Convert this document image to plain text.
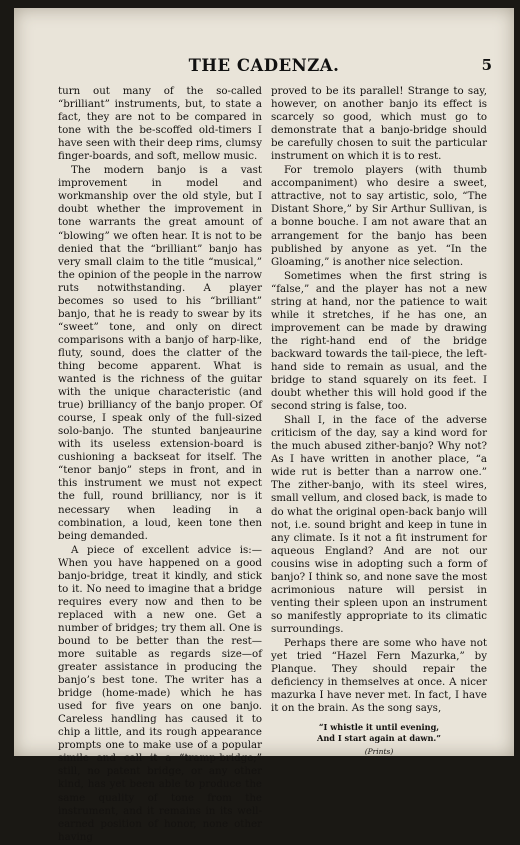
THE CADENZA.	5

turn out many of the so-called “brilliant” instruments, but, to state a fact, they are not to be compared in tone with the be-scoffed old-timers I have seen with their deep rims, clumsy finger-boards, and soft, mellow music.

The modern banjo is a vast improvement in model and workmanship over the old style, but I doubt whether the improvement in tone warrants the great amount of “blowing” we often hear. It is not to be denied that the “brilliant” banjo has very small claim to the title “musical,” the opinion of the people in the narrow ruts notwithstanding. A player becomes so used to his “brilliant” banjo, that he is ready to swear by its “sweet” tone, and only on direct comparisons with a banjo of harp-like, fluty, sound, does the clatter of the thing become apparent. What is wanted is the richness of the guitar with the unique characteristic (and true) brilliancy of the banjo proper. Of course, I speak only of the full-sized solo-banjo. The stunted banjeaurine with its useless extension-board is cushioning a backseat for itself. The “tenor banjo” steps in front, and in this instrument we must not expect the full, round brilliancy, nor is it necessary when leading in a combination, a loud, keen tone then being demanded.

A piece of excellent advice is:—When you have happened on a good banjo-bridge, treat it kindly, and stick to it. No need to imagine that a bridge requires every now and then to be replaced with a new one. Get a number of bridges; try them all. One is bound to be better than the rest—more suitable as regards size—of greater assistance in producing the banjo’s best tone. The writer has a bridge (home-made) which he has used for five years on one banjo. Careless handling has caused it to chip a little, and its rough appearance prompts one to make use of a popular simile and call it a “tramp-bridge;” still, no patent bridge, or any other kind, has yet been able to produce the same quality of tone from the instrument, and it remains in its well-earned position of honor, none other having

proved to be its parallel! Strange to say, however, on another banjo its effect is scarcely so good, which must go to demonstrate that a banjo-bridge should be carefully chosen to suit the particular instrument on which it is to rest.

For tremolo players (with thumb accompaniment) who desire a sweet, attractive, not to say artistic, solo, “The Distant Shore,” by Sir Arthur Sullivan, is a bonne bouche. I am not aware that an arrangement for the banjo has been published by anyone as yet. “In the Gloaming,” is another nice selection.

Sometimes when the first string is “false,” and the player has not a new string at hand, nor the patience to wait while it stretches, if he has one, an improvement can be made by drawing the right-hand end of the bridge backward towards the tail-piece, the left-hand side to remain as usual, and the bridge to stand squarely on its feet. I doubt whether this will hold good if the second string is false, too.

Shall I, in the face of the adverse criticism of the day, say a kind word for the much abused zither-banjo? Why not? As I have written in another place, “a wide rut is better than a narrow one.” The zither-banjo, with its steel wires, small vellum, and closed back, is made to do what the original open-back banjo will not, i.e. sound bright and keep in tune in any climate. Is it not a fit instrument for aqueous England? And are not our cousins wise in adopting such a form of banjo? I think so, and none save the most acrimonious nature will persist in venting their spleen upon an instrument so manifestly appropriate to its climatic surroundings.

Perhaps there are some who have not yet tried “Hazel Fern Mazurka,” by Planque. They should repair the deficiency in themselves at once. A nicer mazurka I have never met. In fact, I have it on the brain. As the song says,

“I whistle it until evening,
And I start again at dawn.”
(Prints)
